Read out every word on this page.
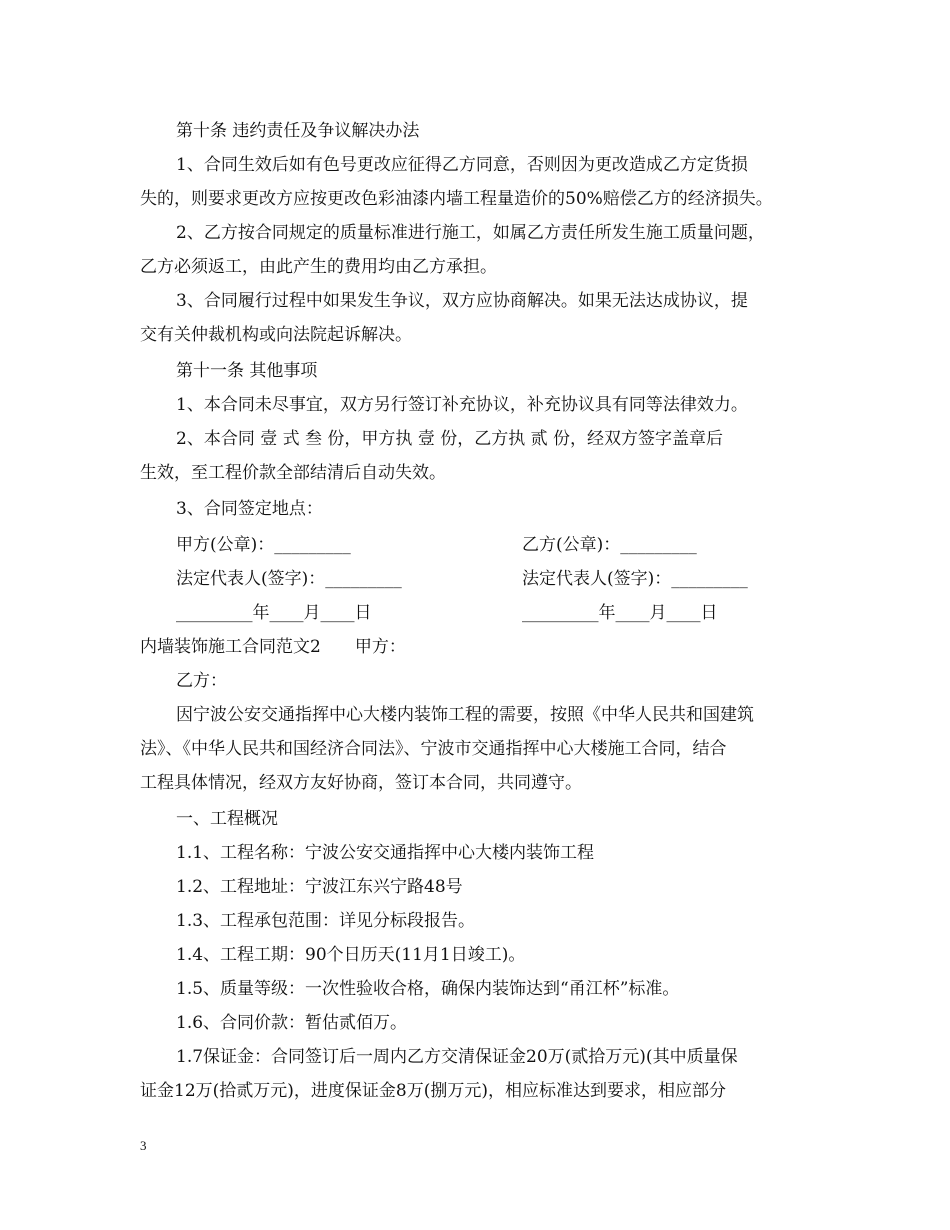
第十条 违约责任及争议解决办法

1、合同生效后如有色号更改应征得乙方同意，否则因为更改造成乙方定货损

失的，则要求更改方应按更改色彩油漆内墙工程量造价的50%赔偿乙方的经济损失。

2、乙方按合同规定的质量标准进行施工，如属乙方责任所发生施工质量问题，

乙方必须返工，由此产生的费用均由乙方承担。

3、合同履行过程中如果发生争议，双方应协商解决。如果无法达成协议，提

交有关仲裁机构或向法院起诉解决。

第十一条 其他事项

1、本合同未尽事宜，双方另行签订补充协议，补充协议具有同等法律效力。

2、本合同 壹 式 叁 份，甲方执 壹 份，乙方执 贰 份，经双方签字盖章后

生效，至工程价款全部结清后自动失效。

3、合同签定地点：

甲方(公章)：_________	乙方(公章)：_________

法定代表人(签字)：_________	法定代表人(签字)：_________

_________年____月____日	_________年____月____日

内墙装饰施工合同范文2　　甲方：

乙方：

因宁波公安交通指挥中心大楼内装饰工程的需要，按照《中华人民共和国建筑

法》、《中华人民共和国经济合同法》、宁波市交通指挥中心大楼施工合同，结合

工程具体情况，经双方友好协商，签订本合同，共同遵守。

一、工程概况

1.1、工程名称：宁波公安交通指挥中心大楼内装饰工程

1.2、工程地址：宁波江东兴宁路48号

1.3、工程承包范围：详见分标段报告。

1.4、工程工期：90个日历天(11月1日竣工)。

1.5、质量等级：一次性验收合格，确保内装饰达到“甬江杯”标准。

1.6、合同价款：暂估贰佰万。

1.7保证金：合同签订后一周内乙方交清保证金20万(贰拾万元)(其中质量保

证金12万(拾贰万元)，进度保证金8万(捌万元)，相应标准达到要求，相应部分

3
